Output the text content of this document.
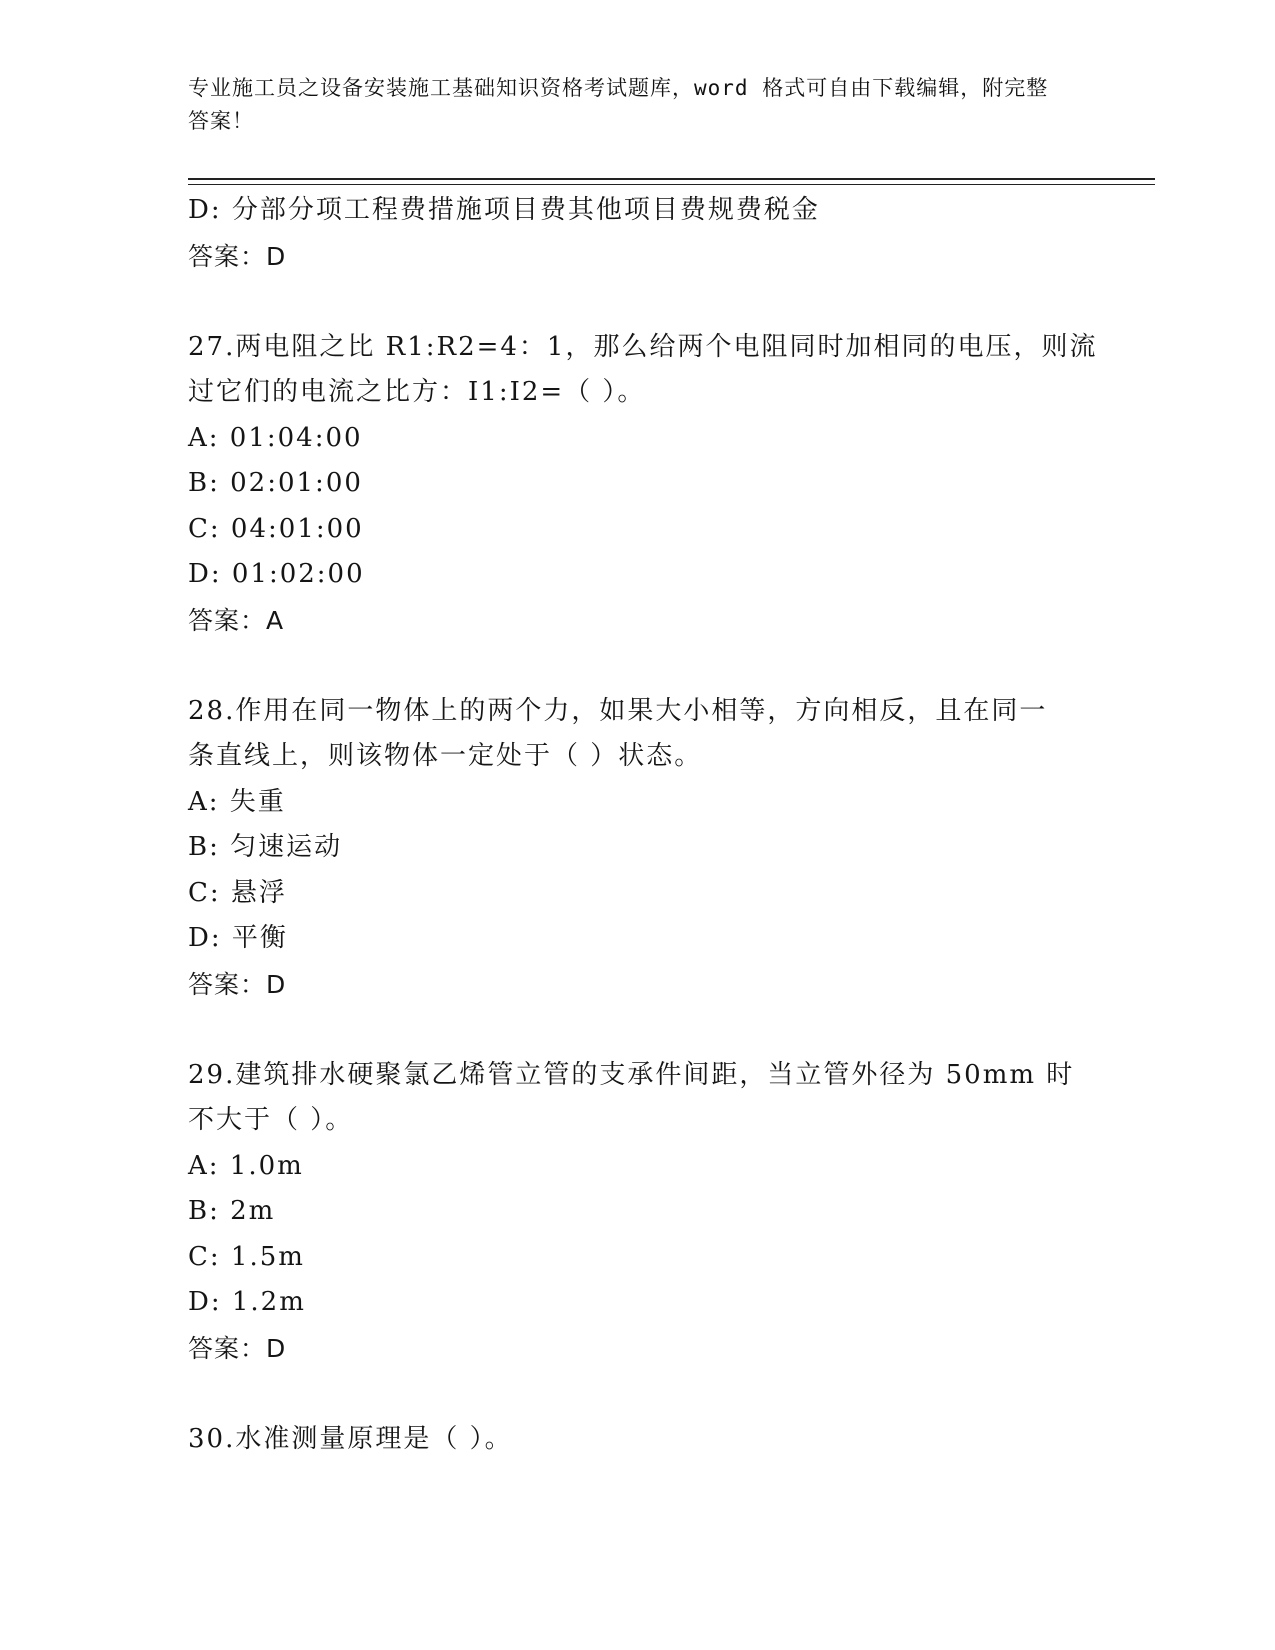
专业施工员之设备安装施工基础知识资格考试题库，word 格式可自由下载编辑，附完整答案！
D: 分部分项工程费措施项目费其他项目费规费税金
答案：D
27.两电阻之比 R1:R2=4：1，那么给两个电阻同时加相同的电压，则流
过它们的电流之比方：I1:I2=（ ）。
A: 01:04:00
B: 02:01:00
C: 04:01:00
D: 01:02:00
答案：A
28.作用在同一物体上的两个力，如果大小相等，方向相反，且在同一
条直线上，则该物体一定处于（ ）状态。
A: 失重
B: 匀速运动
C: 悬浮
D: 平衡
答案：D
29.建筑排水硬聚氯乙烯管立管的支承件间距，当立管外径为 50mm 时
不大于（ ）。
A: 1.0m
B: 2m
C: 1.5m
D: 1.2m
答案：D
30.水准测量原理是（ ）。
